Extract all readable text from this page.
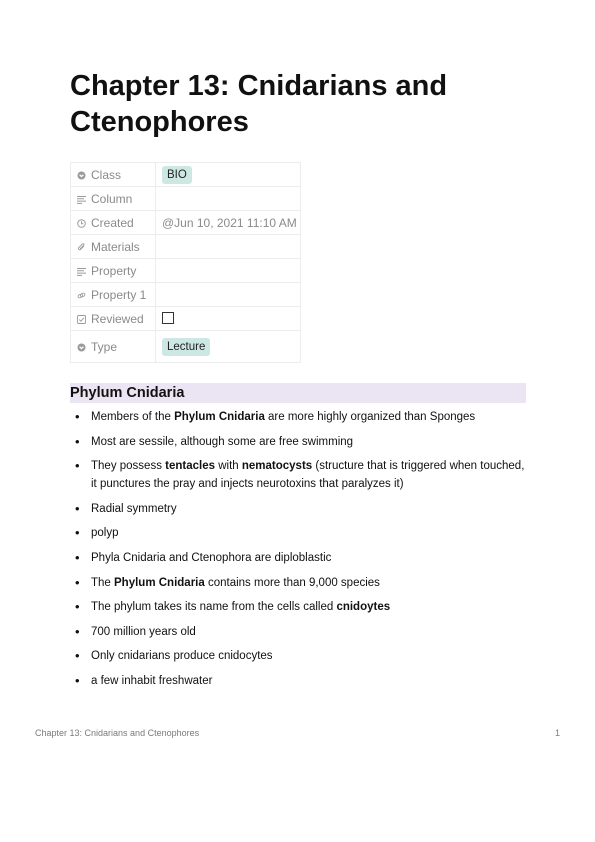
Chapter 13: Cnidarians and Ctenophores
Class	BIO
Column	
Created	@Jun 10, 2021 11:10 AM
Materials	
Property	
Property 1	
Reviewed	
Type	Lecture
Phylum Cnidaria
• Members of the Phylum Cnidaria are more highly organized than Sponges
• Most are sessile, although some are free swimming
• They possess tentacles with nematocysts (structure that is triggered when touched, it punctures the pray and injects neurotoxins that paralyzes it)
• Radial symmetry
• polyp
• Phyla Cnidaria and Ctenophora are diploblastic
• The Phylum Cnidaria contains more than 9,000 species
• The phylum takes its name from the cells called cnidoytes
• 700 million years old
• Only cnidarians produce cnidocytes
• a few inhabit freshwater
Chapter 13: Cnidarians and Ctenophores	1
